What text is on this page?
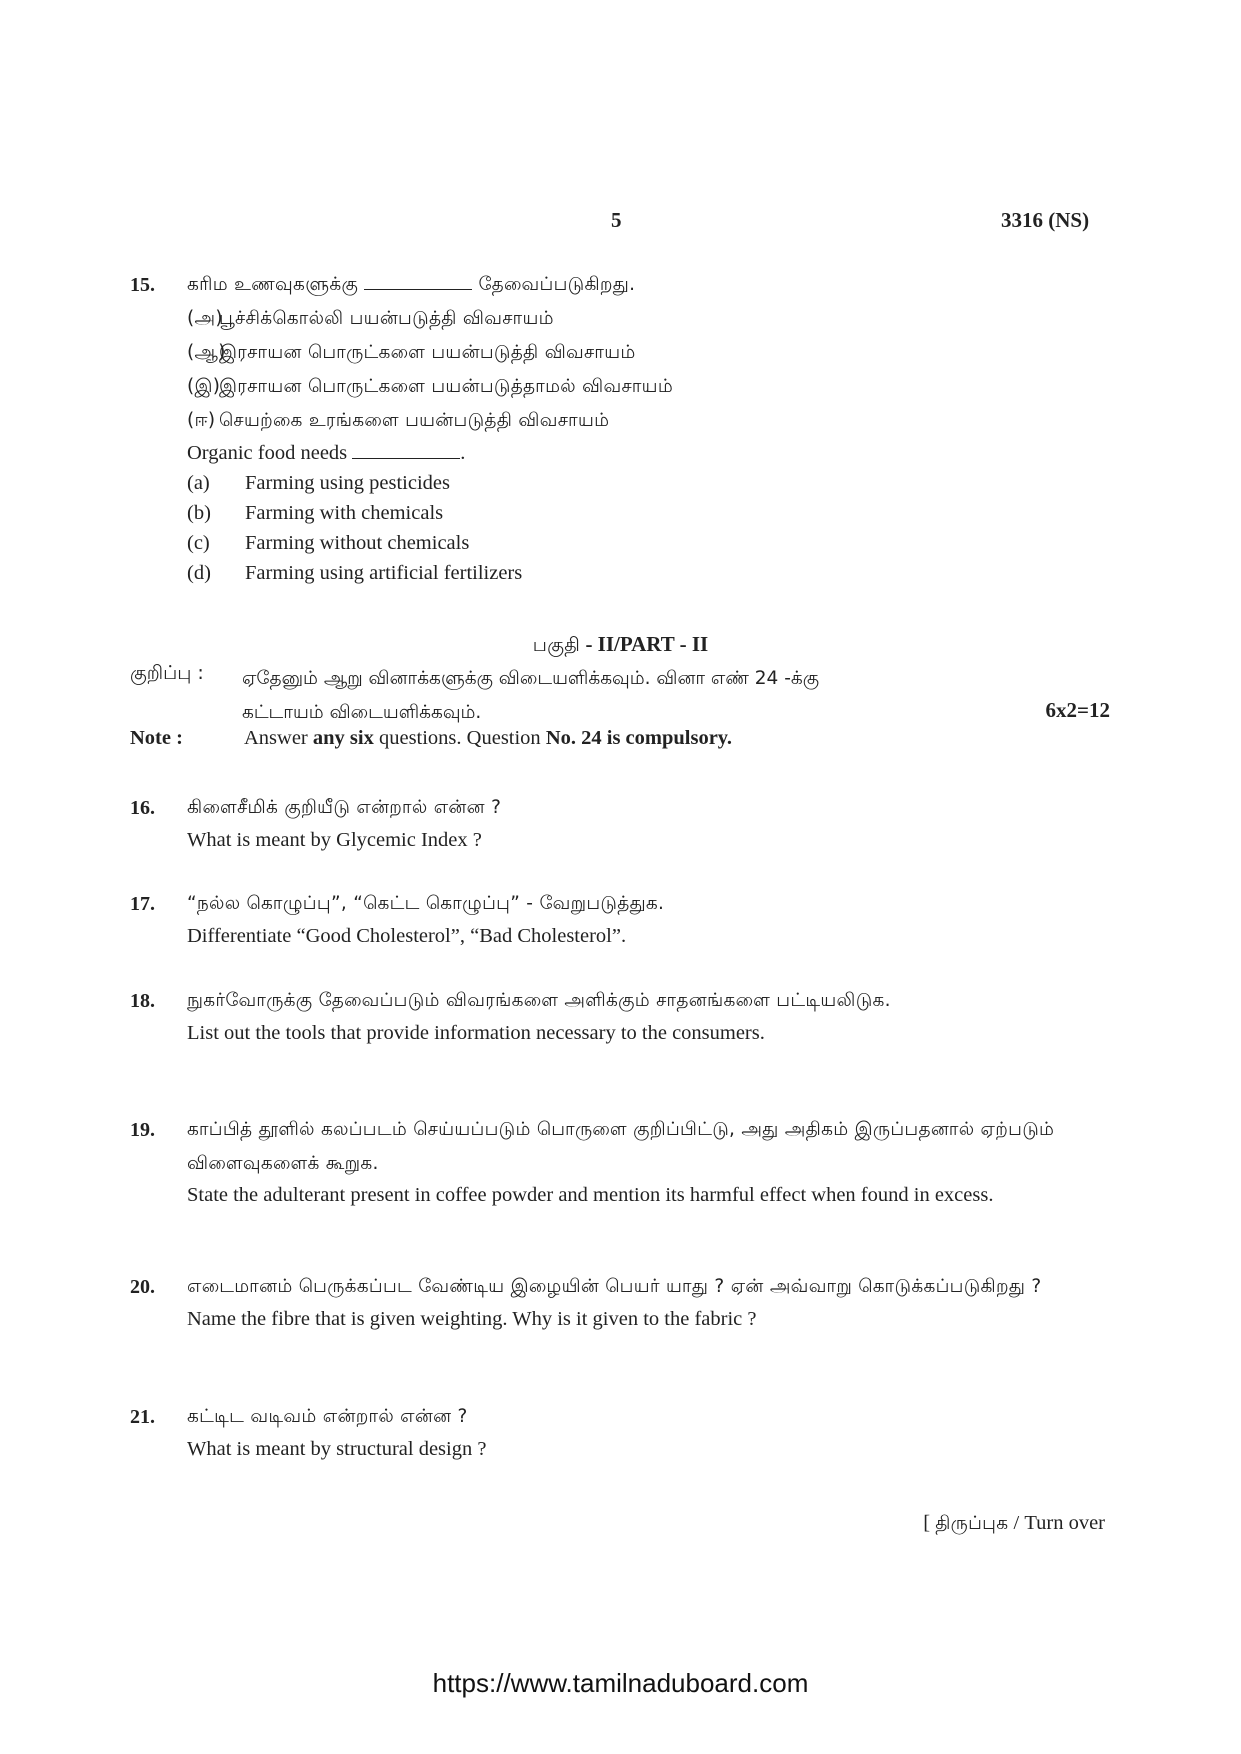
5	3316 (NS)
15. கரிம உணவுகளுக்கு	தேவைப்படுகிறது.
(அ)
பூச்சிக்கொல்லி பயன்படுத்தி விவசாயம்
(ஆ)
இரசாயன பொருட்களை பயன்படுத்தி விவசாயம்
(இ)
இரசாயன பொருட்களை பயன்படுத்தாமல் விவசாயம்
(ஈ) செயற்கை உரங்களை பயன்படுத்தி விவசாயம்
Organic food needs	.
(a)	Farming using pesticides
(b)	Farming with chemicals
(c)	Farming without chemicals
(d)	Farming using artificial fertilizers
பகுதி - II/PART - II
குறிப்பு : ஏதேனும் ஆறு வினாக்களுக்கு விடையளிக்கவும். வினா எண் 24 -க்கு
கட்டாயம் விடையளிக்கவும்.	6x2=12
Note :	Answer any six questions. Question No. 24 is compulsory.
16. கிளைசீமிக் குறியீடு என்றால் என்ன ?
What is meant by Glycemic Index ?
17. “நல்ல கொழுப்பு”, “கெட்ட கொழுப்பு” - வேறுபடுத்துக.
Differentiate “Good Cholesterol”, “Bad Cholesterol”.
18. நுகர்வோருக்கு தேவைப்படும் விவரங்களை அளிக்கும் சாதனங்களை பட்டியலிடுக.
List out the tools that provide information necessary to the consumers.
19. காப்பித் தூளில் கலப்படம் செய்யப்படும் பொருளை குறிப்பிட்டு, அது அதிகம் இருப்பதனால் ஏற்படும் விளைவுகளைக் கூறுக.
State the adulterant present in coffee powder and mention its harmful effect when found in excess.
20. எடைமானம் பெருக்கப்பட வேண்டிய இழையின் பெயர் யாது ? ஏன் அவ்வாறு கொடுக்கப்படுகிறது ?
Name the fibre that is given weighting. Why is it given to the fabric ?
21. கட்டிட வடிவம் என்றால் என்ன ?
What is meant by structural design ?
[ திருப்புக / Turn over
https://www.tamilnaduboard.com
